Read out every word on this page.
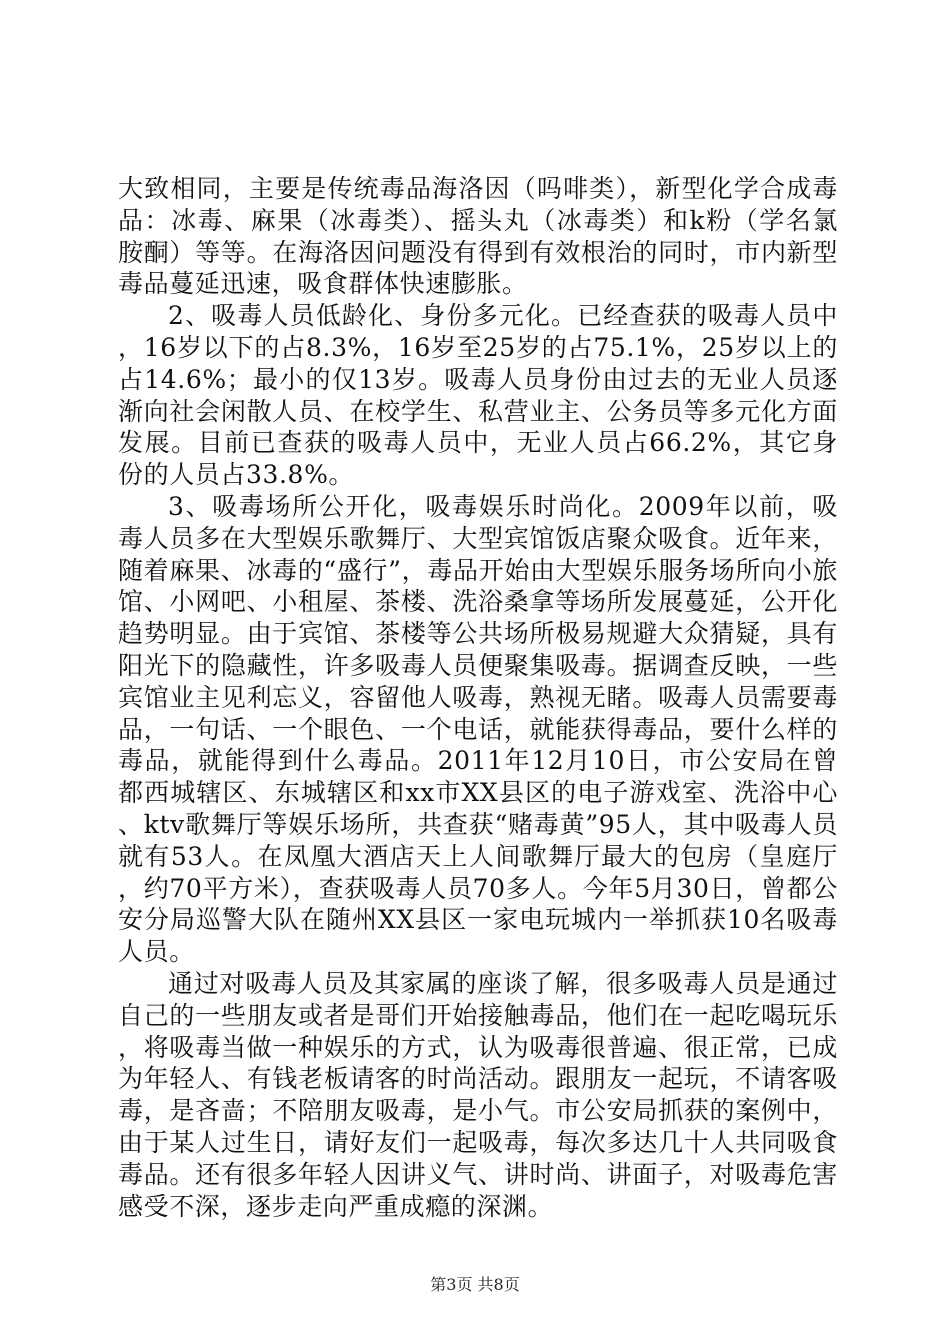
大致相同，主要是传统毒品海洛因（吗啡类），新型化学合成毒品：冰毒、麻果（冰毒类）、摇头丸（冰毒类）和k粉（学名氯胺酮）等等。在海洛因问题没有得到有效根治的同时，市内新型毒品蔓延迅速，吸食群体快速膨胀。

2、吸毒人员低龄化、身份多元化。已经查获的吸毒人员中，16岁以下的占8.3%，16岁至25岁的占75.1%，25岁以上的占14.6%；最小的仅13岁。吸毒人员身份由过去的无业人员逐渐向社会闲散人员、在校学生、私营业主、公务员等多元化方面发展。目前已查获的吸毒人员中，无业人员占66.2%，其它身份的人员占33.8%。

3、吸毒场所公开化，吸毒娱乐时尚化。2009年以前，吸毒人员多在大型娱乐歌舞厅、大型宾馆饭店聚众吸食。近年来，随着麻果、冰毒的“盛行”，毒品开始由大型娱乐服务场所向小旅馆、小网吧、小租屋、茶楼、洗浴桑拿等场所发展蔓延，公开化趋势明显。由于宾馆、茶楼等公共场所极易规避大众猜疑，具有阳光下的隐藏性，许多吸毒人员便聚集吸毒。据调查反映，一些宾馆业主见利忘义，容留他人吸毒，熟视无睹。吸毒人员需要毒品，一句话、一个眼色、一个电话，就能获得毒品，要什么样的毒品，就能得到什么毒品。2011年12月10日，市公安局在曾都西城辖区、东城辖区和xx市XX县区的电子游戏室、洗浴中心、ktv歌舞厅等娱乐场所，共查获“赌毒黄”95人，其中吸毒人员就有53人。在凤凰大酒店天上人间歌舞厅最大的包房（皇庭厅，约70平方米），查获吸毒人员70多人。今年5月30日，曾都公安分局巡警大队在随州XX县区一家电玩城内一举抓获10名吸毒人员。

通过对吸毒人员及其家属的座谈了解，很多吸毒人员是通过自己的一些朋友或者是哥们开始接触毒品，他们在一起吃喝玩乐，将吸毒当做一种娱乐的方式，认为吸毒很普遍、很正常，已成为年轻人、有钱老板请客的时尚活动。跟朋友一起玩，不请客吸毒，是吝啬；不陪朋友吸毒，是小气。市公安局抓获的案例中，由于某人过生日，请好友们一起吸毒，每次多达几十人共同吸食毒品。还有很多年轻人因讲义气、讲时尚、讲面子，对吸毒危害感受不深，逐步走向严重成瘾的深渊。

第3页 共8页
